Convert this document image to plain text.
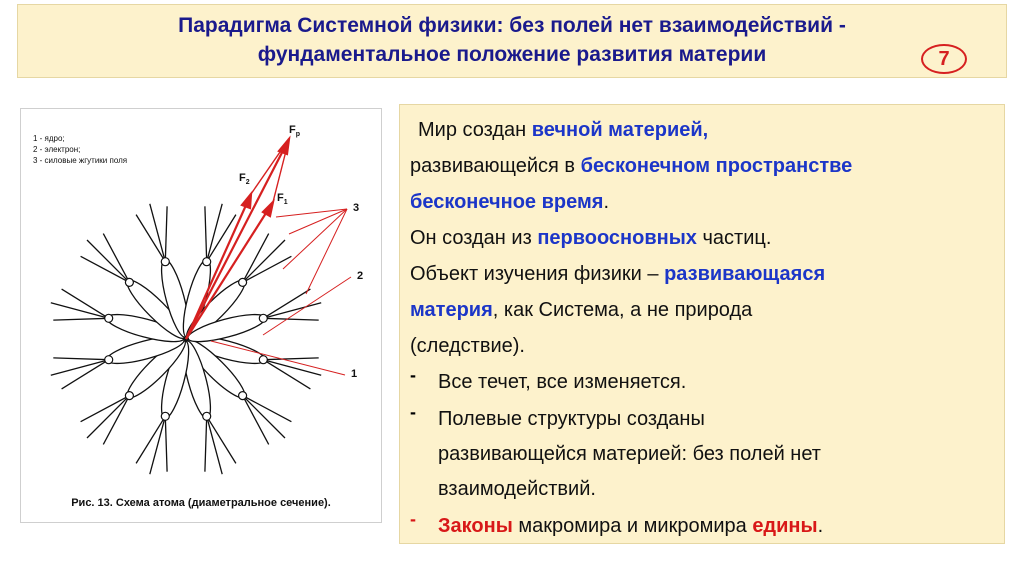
Парадигма Системной физики: без полей нет взаимодействий -
фундаментальное положение развития материи	7
$F_p$
$F_2$
$F_1$	3
2
1
1 - ядро;
2 - электрон;
3 - силовые жгутики поля
Рис. 13. Схема атома (диаметральное сечение).
Мир создан вечной материей,
развивающейся в бесконечном пространстве
бесконечное время.
Он создан из первоосновных частиц.
Объект изучения физики – развивающаяся
материя, как Система, а не природа
(следствие).
- Все течет, все изменяется.
- Полевые структуры созданы
развивающейся материей: без полей нет
взаимодействий.
- Законы макромира и микромира едины.
